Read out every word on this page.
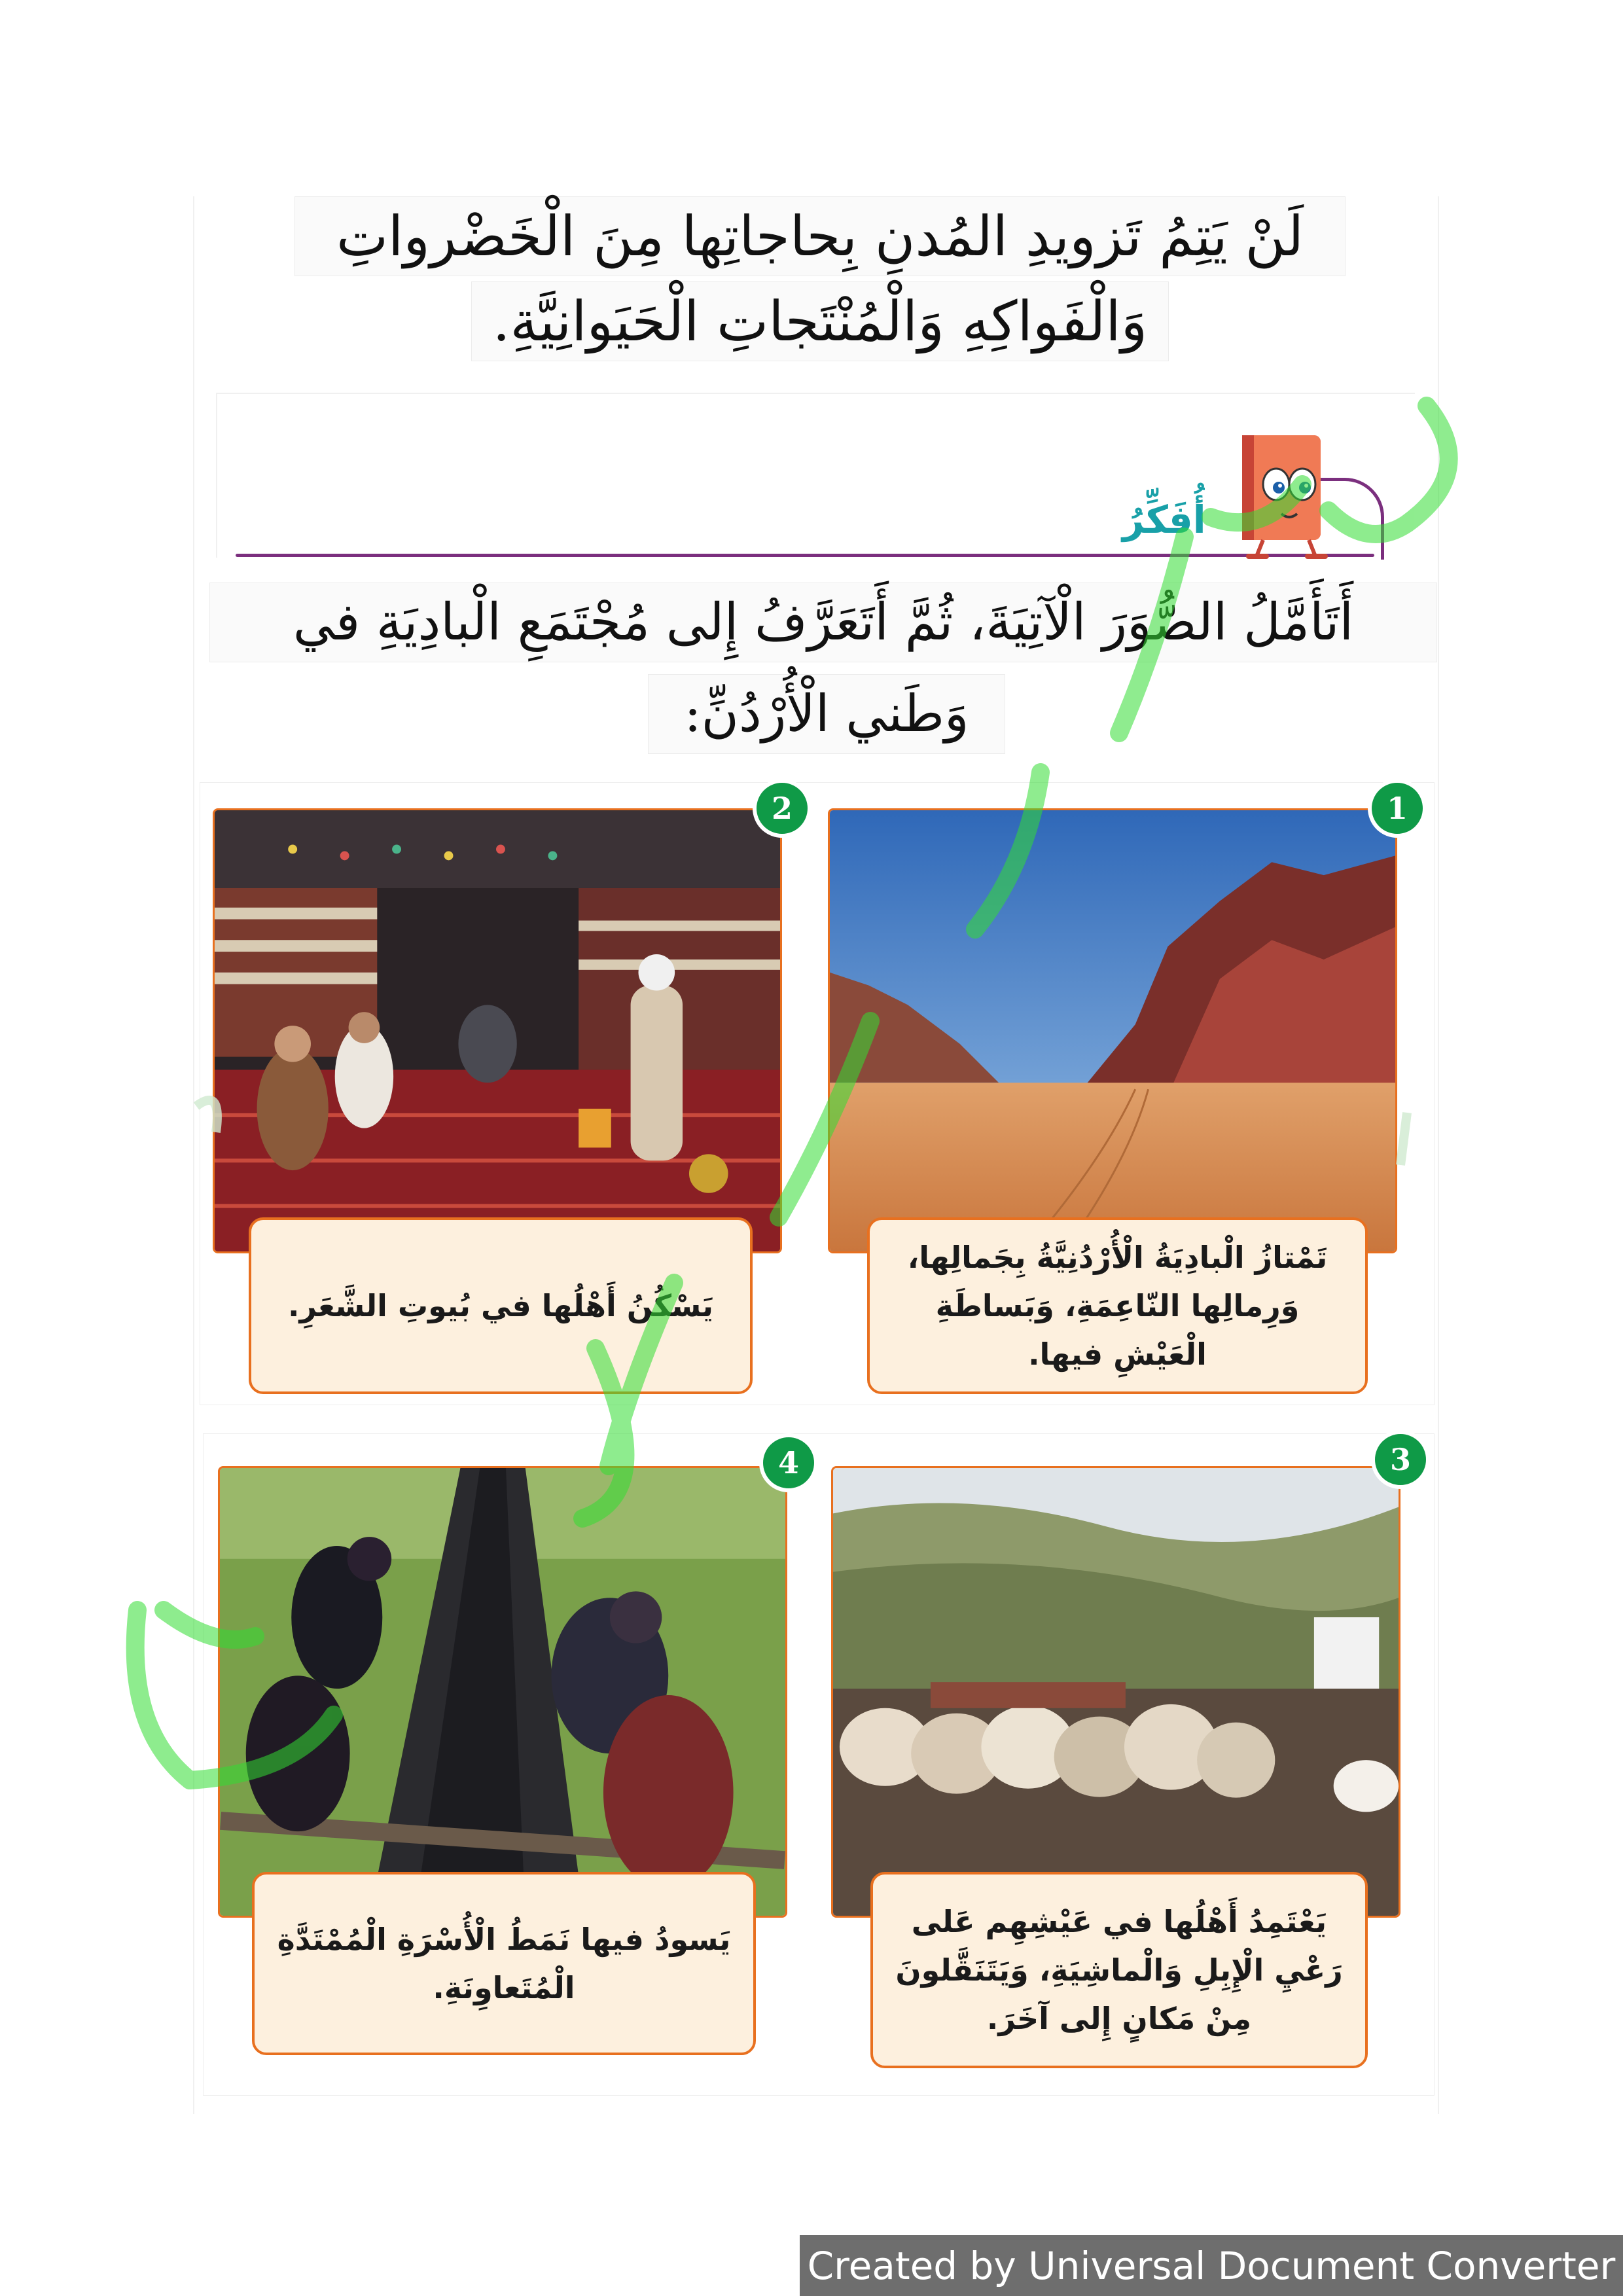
لَنْ يَتِمُ تَزويدِ المُدنِ بِحاجاتِها مِنَ الْخَضْرواتِ
وَالْفَواكِهِ وَالْمُنْتَجاتِ الْحَيَوانِيَّةِ.
أُفَكِّرُ
أَتَأَمَّلُ الصُّوَرَ الْآتِيَةَ، ثُمَّ أَتَعَرَّفُ إِلى مُجْتَمَعِ الْبادِيَةِ في
وَطَني الْأُرْدُنِّ:
1
تَمْتازُ الْبادِيَةُ الْأُرْدُنِيَّةُ بِجَمالِها، وَرِمالِها النّاعِمَةِ، وَبَساطَةِ الْعَيْشِ فيها.
2
يَسْكُنُ أَهْلُها في بُيوتِ الشَّعَرِ.
3
يَعْتَمِدُ أَهْلُها في عَيْشِهِم عَلى رَعْيِ الْإِبِلِ وَالْماشِيَةِ، وَيَتَنَقَّلونَ مِنْ مَكانٍ إِلى آخَرَ.
4
يَسودُ فيها نَمَطُ الْأُسْرَةِ الْمُمْتَدَّةِ الْمُتَعاوِنَةِ.
Created by Universal Document Converter
